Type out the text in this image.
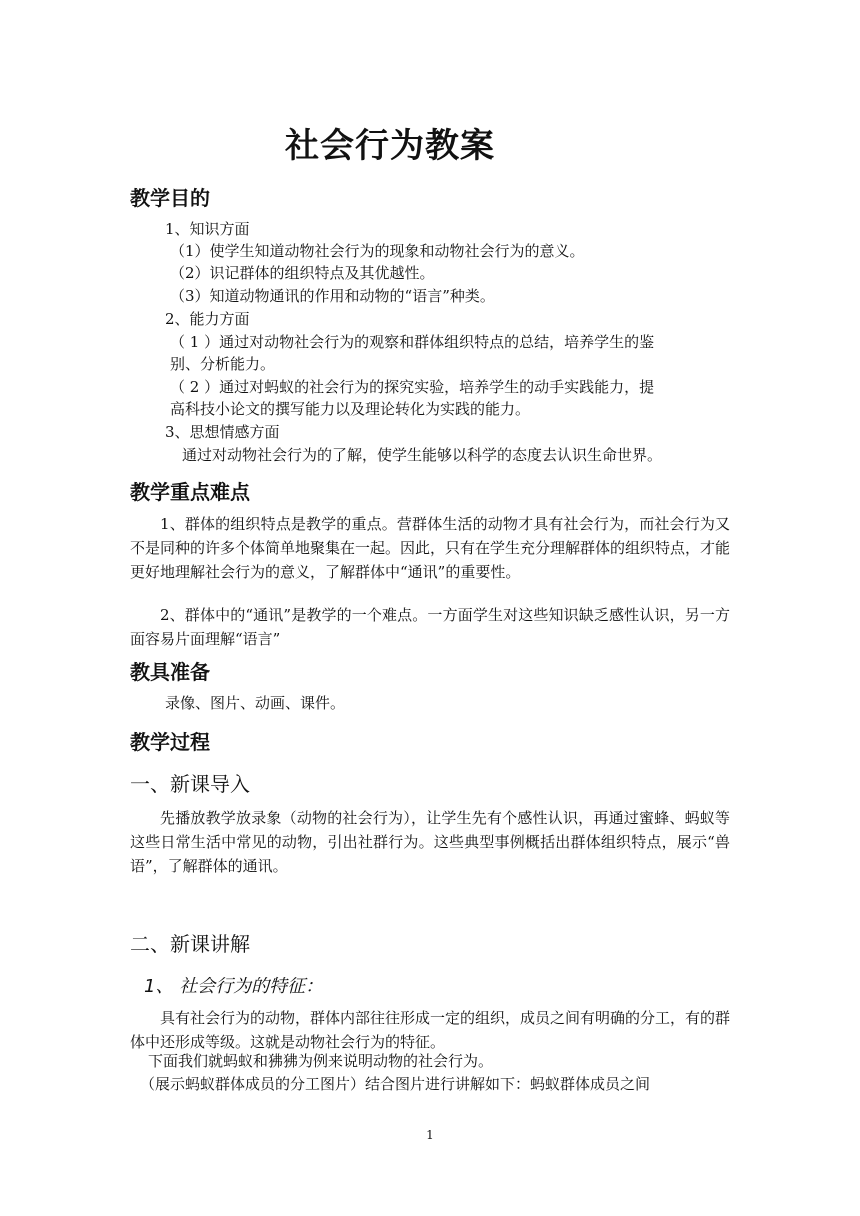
社会行为教案
教学目的
1、知识方面
（1）使学生知道动物社会行为的现象和动物社会行为的意义。
（2）识记群体的组织特点及其优越性。
（3）知道动物通讯的作用和动物的“语言”种类。
2、能力方面
（ 1 ）通过对动物社会行为的观察和群体组织特点的总结，培养学生的鉴
别、分析能力。
（ 2 ）通过对蚂蚁的社会行为的探究实验，培养学生的动手实践能力，提
高科技小论文的撰写能力以及理论转化为实践的能力。
3、思想情感方面
通过对动物社会行为的了解，使学生能够以科学的态度去认识生命世界。
教学重点难点
1、群体的组织特点是教学的重点。营群体生活的动物才具有社会行为，而社会行为又不是同种的许多个体简单地聚集在一起。因此，只有在学生充分理解群体的组织特点，才能更好地理解社会行为的意义，了解群体中“通讯”的重要性。
2、群体中的“通讯”是教学的一个难点。一方面学生对这些知识缺乏感性认识，另一方面容易片面理解“语言”
教具准备
录像、图片、动画、课件。
教学过程
一、新课导入
先播放教学放录象（动物的社会行为），让学生先有个感性认识，再通过蜜蜂、蚂蚁等这些日常生活中常见的动物，引出社群行为。这些典型事例概括出群体组织特点，展示“兽语”，了解群体的通讯。
二、新课讲解
1、 社会行为的特征：
具有社会行为的动物，群体内部往往形成一定的组织，成员之间有明确的分工，有的群体中还形成等级。这就是动物社会行为的特征。
下面我们就蚂蚁和狒狒为例来说明动物的社会行为。
（展示蚂蚁群体成员的分工图片）结合图片进行讲解如下：蚂蚁群体成员之间
1
